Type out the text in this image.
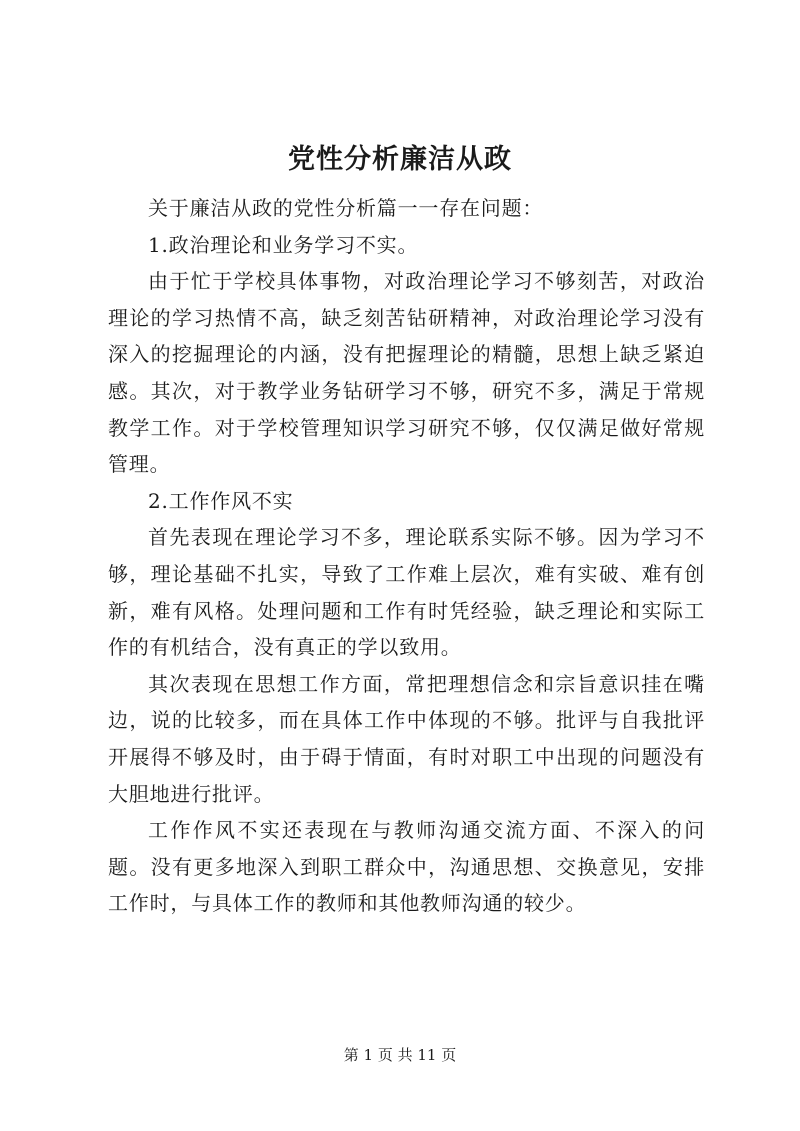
党性分析廉洁从政

关于廉洁从政的党性分析篇一一存在问题：

1.政治理论和业务学习不实。

由于忙于学校具体事物，对政治理论学习不够刻苦，对政治理论的学习热情不高，缺乏刻苦钻研精神，对政治理论学习没有深入的挖掘理论的内涵，没有把握理论的精髓，思想上缺乏紧迫感。其次，对于教学业务钻研学习不够，研究不多，满足于常规教学工作。对于学校管理知识学习研究不够，仅仅满足做好常规管理。

2.工作作风不实

首先表现在理论学习不多，理论联系实际不够。因为学习不够，理论基础不扎实，导致了工作难上层次，难有实破、难有创新，难有风格。处理问题和工作有时凭经验，缺乏理论和实际工作的有机结合，没有真正的学以致用。

其次表现在思想工作方面，常把理想信念和宗旨意识挂在嘴边，说的比较多，而在具体工作中体现的不够。批评与自我批评开展得不够及时，由于碍于情面，有时对职工中出现的问题没有大胆地进行批评。

工作作风不实还表现在与教师沟通交流方面、不深入的问题。没有更多地深入到职工群众中，沟通思想、交换意见，安排工作时，与具体工作的教师和其他教师沟通的较少。

第 1 页 共 11 页
